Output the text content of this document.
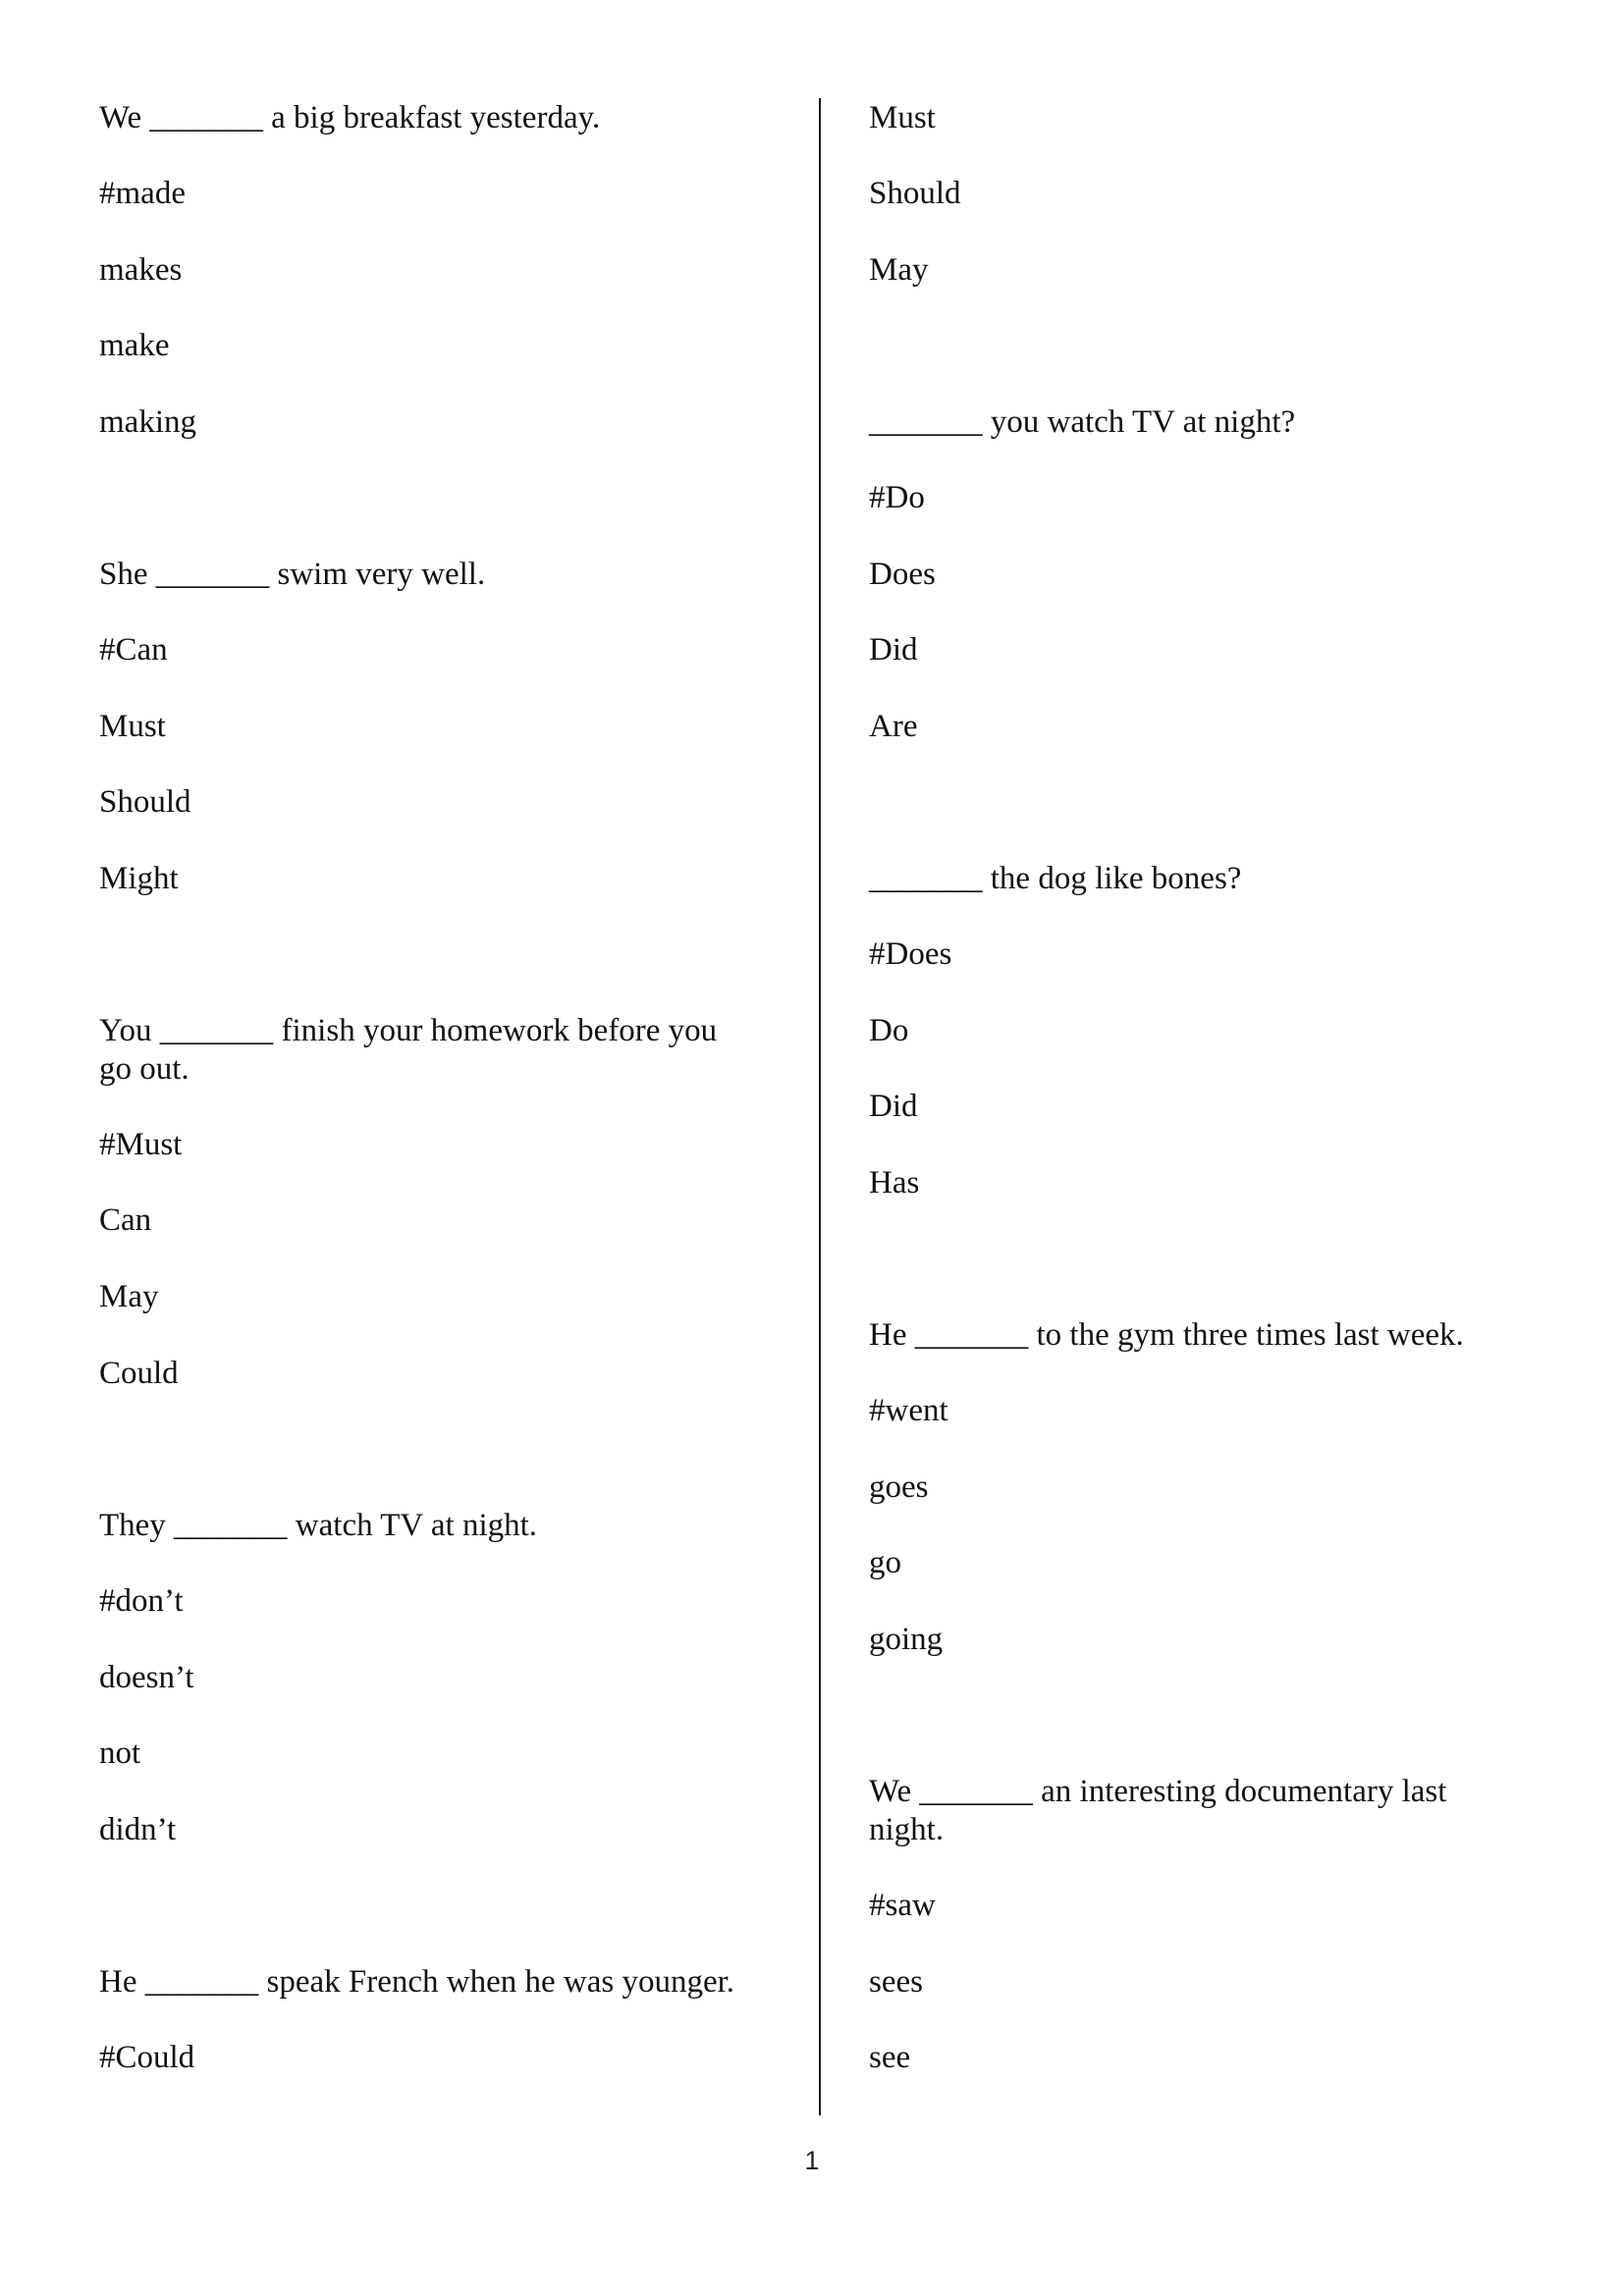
We _______ a big breakfast yesterday.
#made
makes
make
making
She _______ swim very well.
#Can
Must
Should
Might
You _______ finish your homework before you
go out.
#Must
Can
May
Could
They _______ watch TV at night.
#don’t
doesn’t
not
didn’t
He _______ speak French when he was younger.
#Could
Must
Should
May
_______ you watch TV at night?
#Do
Does
Did
Are
_______ the dog like bones?
#Does
Do
Did
Has
He _______ to the gym three times last week.
#went
goes
go
going
We _______ an interesting documentary last
night.
#saw
sees
see
1
